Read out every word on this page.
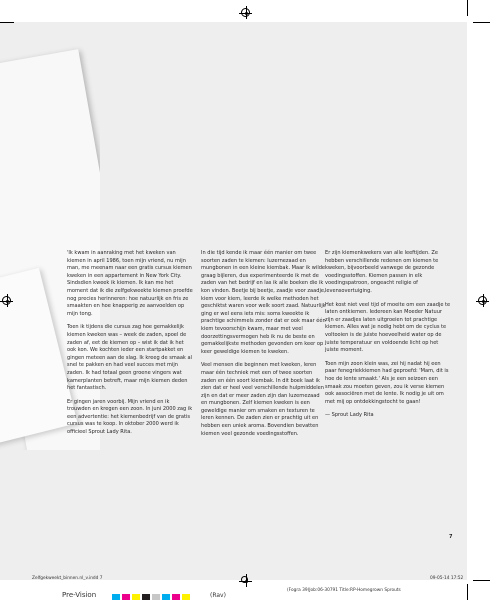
'Ik kwam in aanraking met het kweken van kiemen in april 1986, toen mijn vriend, nu mijn man, me meenam naar een gratis cursus kiemen kweken in een appartement in New York City. Sindsdien kweek ik kiemen. Ik kan me het moment dat ik die zelfgekweekte kiemen proefde nog precies herinneren: hoe natuurlijk en fris ze smaakten en hoe knapperig ze aanvoelden op mijn tong.

Toen ik tijdens die cursus zag hoe gemakkelijk kiemen kweken was – week de zaden, spoel de zaden af, eet de kiemen op – wist ik dat ik het ook kon. We kochten ieder een startpakket en gingen meteen aan de slag. Ik kreeg de smaak al snel te pakken en had veel succes met mijn zaden. Ik had totaal geen groene vingers wat kamerplanten betreft, maar mijn kiemen deden het fantastisch.

Er gingen jaren voorbij. Mijn vriend en ik trouwden en kregen een zoon. In juni 2000 zag ik een advertentie: het kiemenbedrijf van de gratis cursus was te koop. In oktober 2000 werd ik officieel Sprout Lady Rita.

In die tijd kende ik maar één manier om twee soorten zaden te kiemen: luzernezaad en mungbonen in een kleine kiembak. Maar ik wilde graag bijleren, dus experimenteerde ik met de zaden van het bedrijf en las ik alle boeken die ik kon vinden. Beetje bij beetje, zaadje voor zaadje, kiem voor kiem, leerde ik welke methoden het geschiktst waren voor welk soort zaad. Natuurlijk ging er wel eens iets mis: soms kweekte ik prachtige schimmels zonder dat er ook maar één kiem tevoorschijn kwam, maar met veel doorzettingsvermogen heb ik nu de beste en gemakkelijkste methoden gevonden om keer op keer geweldige kiemen te kweken.

Veel mensen die beginnen met kweken, leren maar één techniek met een of twee soorten zaden en één soort kiembak. In dit boek laat ik zien dat er heel veel verschillende hulpmiddelen zijn en dat er meer zaden zijn dan luzernezaad en mungbonen. Zelf kiemen kweken is een geweldige manier om smaken en texturen te leren kennen. De zaden zien er prachtig uit en hebben een uniek aroma. Bovendien bevatten kiemen veel gezonde voedingsstoffen.

Er zijn kiemenkwekers van alle leeftijden. Ze hebben verschillende redenen om kiemen te kweken, bijvoorbeeld vanwege de gezonde voedingsstoffen. Kiemen passen in elk voedingspatroon, ongeacht religie of levensovertuiging.

Het kost niet veel tijd of moeite om een zaadje te laten ontkiemen. Iedereen kan Moeder Natuur zijn er zaadjes laten uitgroeien tot prachtige kiemen. Alles wat je nodig hebt om de cyclus te voltooien is de juiste hoeveelheid water op de juiste temperatuur en voldoende licht op het juiste moment.

Toen mijn zoon klein was, zei hij nadat hij een paar fenegriekkiemen had geproefd: 'Mam, dit is hoe de lente smaakt.' Als je een seizoen een smaak zou moeten geven, zou ik verse kiemen ook associëren met de lente. Ik nodig je uit om met mij op ontdekkingstocht te gaan!

— Sprout Lady Rita

7
Zelfgekweekt_binnen.nl_v.indd 7	09-05-14 17:52
Pre-Vision	(Rav)
(Fogra 39)Job:06-30791 Title:RP-Homegrown Sprouts
